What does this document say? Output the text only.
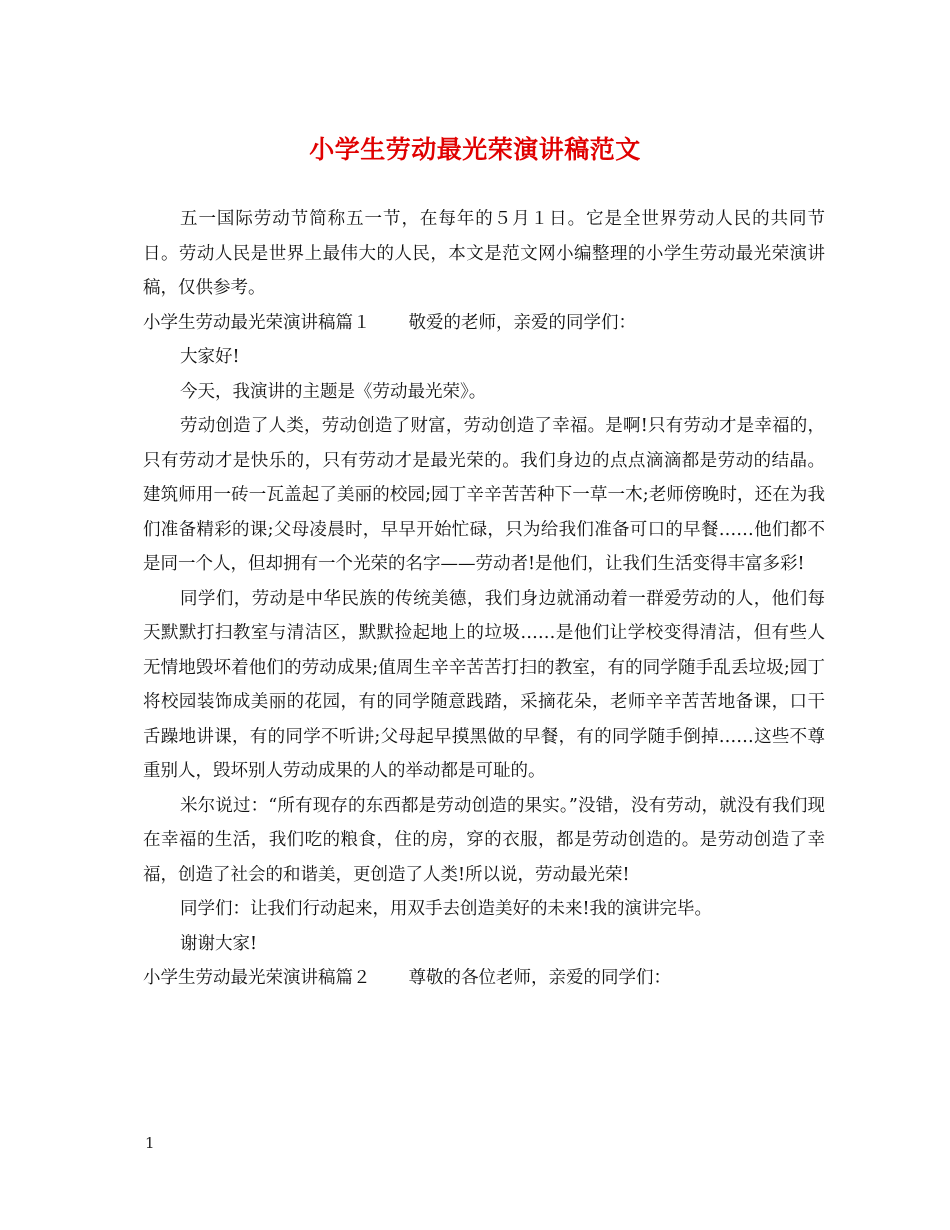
小学生劳动最光荣演讲稿范文

五一国际劳动节简称五一节，在每年的５月１日。它是全世界劳动人民的共同节日。劳动人民是世界上最伟大的人民，本文是范文网小编整理的小学生劳动最光荣演讲稿，仅供参考。

小学生劳动最光荣演讲稿篇１ 敬爱的老师，亲爱的同学们：

大家好!

今天，我演讲的主题是《劳动最光荣》。

劳动创造了人类，劳动创造了财富，劳动创造了幸福。是啊!只有劳动才是幸福的，只有劳动才是快乐的，只有劳动才是最光荣的。我们身边的点点滴滴都是劳动的结晶。建筑师用一砖一瓦盖起了美丽的校园;园丁辛辛苦苦种下一草一木;老师傍晚时，还在为我们准备精彩的课;父母凌晨时，早早开始忙碌，只为给我们准备可口的早餐……他们都不是同一个人，但却拥有一个光荣的名字——劳动者!是他们，让我们生活变得丰富多彩!

同学们，劳动是中华民族的传统美德，我们身边就涌动着一群爱劳动的人，他们每天默默打扫教室与清洁区，默默捡起地上的垃圾……是他们让学校变得清洁，但有些人无情地毁坏着他们的劳动成果;值周生辛辛苦苦打扫的教室，有的同学随手乱丢垃圾;园丁将校园装饰成美丽的花园，有的同学随意践踏，采摘花朵，老师辛辛苦苦地备课，口干舌躁地讲课，有的同学不听讲;父母起早摸黑做的早餐，有的同学随手倒掉……这些不尊重别人，毁坏别人劳动成果的人的举动都是可耻的。

米尔说过：“所有现存的东西都是劳动创造的果实。”没错，没有劳动，就没有我们现在幸福的生活，我们吃的粮食，住的房，穿的衣服，都是劳动创造的。是劳动创造了幸福，创造了社会的和谐美，更创造了人类!所以说，劳动最光荣!

同学们：让我们行动起来，用双手去创造美好的未来!我的演讲完毕。

谢谢大家!

小学生劳动最光荣演讲稿篇２ 尊敬的各位老师，亲爱的同学们：

1
